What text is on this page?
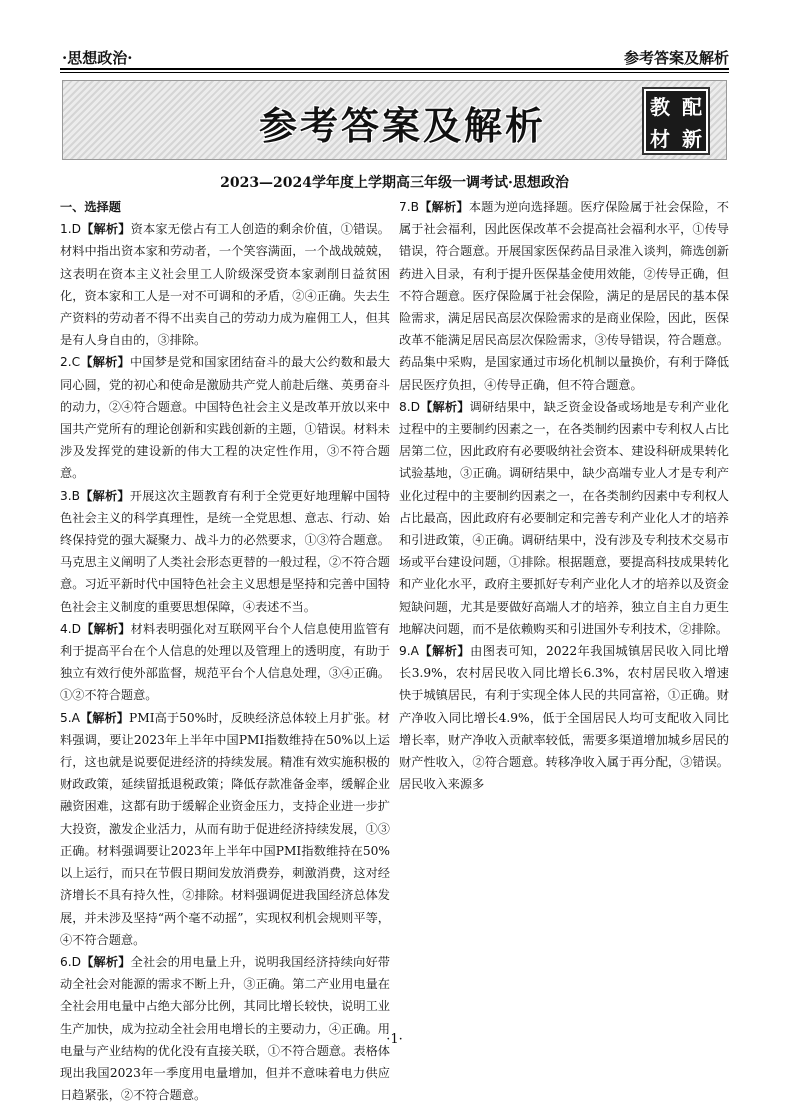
·思想政治·	参考答案及解析
参考答案及解析	教 配
材 新
2023—2024学年度上学期高三年级一调考试·思想政治
一、选择题

1.D【解析】资本家无偿占有工人创造的剩余价值，①错误。材料中指出资本家和劳动者，一个笑容满面，一个战战兢兢，这表明在资本主义社会里工人阶级深受资本家剥削日益贫困化，资本家和工人是一对不可调和的矛盾，②④正确。失去生产资料的劳动者不得不出卖自己的劳动力成为雇佣工人，但其是有人身自由的，③排除。

2.C【解析】中国梦是党和国家团结奋斗的最大公约数和最大同心圆，党的初心和使命是激励共产党人前赴后继、英勇奋斗的动力，②④符合题意。中国特色社会主义是改革开放以来中国共产党所有的理论创新和实践创新的主题，①错误。材料未涉及发挥党的建设新的伟大工程的决定性作用，③不符合题意。

3.B【解析】开展这次主题教育有利于全党更好地理解中国特色社会主义的科学真理性，是统一全党思想、意志、行动、始终保持党的强大凝聚力、战斗力的必然要求，①③符合题意。马克思主义阐明了人类社会形态更替的一般过程，②不符合题意。习近平新时代中国特色社会主义思想是坚持和完善中国特色社会主义制度的重要思想保障，④表述不当。

4.D【解析】材料表明强化对互联网平台个人信息使用监管有利于提高平台在个人信息的处理以及管理上的透明度，有助于独立有效行使外部监督，规范平台个人信息处理，③④正确。①②不符合题意。

5.A【解析】PMI高于50%时，反映经济总体较上月扩张。材料强调，要让2023年上半年中国PMI指数维持在50%以上运行，这也就是说要促进经济的持续发展。精准有效实施积极的财政政策，延续留抵退税政策；降低存款准备金率，缓解企业融资困难，这都有助于缓解企业资金压力，支持企业进一步扩大投资，激发企业活力，从而有助于促进经济持续发展，①③正确。材料强调要让2023年上半年中国PMI指数维持在50%以上运行，而只在节假日期间发放消费券，刺激消费，这对经济增长不具有持久性，②排除。材料强调促进我国经济总体发展，并未涉及坚持“两个毫不动摇”，实现权利机会规则平等，④不符合题意。

6.D【解析】全社会的用电量上升，说明我国经济持续向好带动全社会对能源的需求不断上升，③正确。第二产业用电量在全社会用电量中占绝大部分比例，其同比增长较快，说明工业生产加快，成为拉动全社会用电增长的主要动力，④正确。用电量与产业结构的优化没有直接关联，①不符合题意。表格体现出我国2023年一季度用电量增加，但并不意味着电力供应日趋紧张，②不符合题意。

7.B【解析】本题为逆向选择题。医疗保险属于社会保险，不属于社会福利，因此医保改革不会提高社会福利水平，①传导错误，符合题意。开展国家医保药品目录准入谈判，筛选创新药进入目录，有利于提升医保基金使用效能，②传导正确，但不符合题意。医疗保险属于社会保险，满足的是居民的基本保险需求，满足居民高层次保险需求的是商业保险，因此，医保改革不能满足居民高层次保险需求，③传导错误，符合题意。药品集中采购，是国家通过市场化机制以量换价，有利于降低居民医疗负担，④传导正确，但不符合题意。

8.D【解析】调研结果中，缺乏资金设备或场地是专利产业化过程中的主要制约因素之一，在各类制约因素中专利权人占比居第二位，因此政府有必要吸纳社会资本、建设科研成果转化试验基地，③正确。调研结果中，缺少高端专业人才是专利产业化过程中的主要制约因素之一，在各类制约因素中专利权人占比最高，因此政府有必要制定和完善专利产业化人才的培养和引进政策，④正确。调研结果中，没有涉及专利技术交易市场或平台建设问题，①排除。根据题意，要提高科技成果转化和产业化水平，政府主要抓好专利产业化人才的培养以及资金短缺问题，尤其是要做好高端人才的培养，独立自主自力更生地解决问题，而不是依赖购买和引进国外专利技术，②排除。

9.A【解析】由图表可知，2022年我国城镇居民收入同比增长3.9%，农村居民收入同比增长6.3%，农村居民收入增速快于城镇居民，有利于实现全体人民的共同富裕，①正确。财产净收入同比增长4.9%，低于全国居民人均可支配收入同比增长率，财产净收入贡献率较低，需要多渠道增加城乡居民的财产性收入，②符合题意。转移净收入属于再分配，③错误。居民收入来源多

·1·
